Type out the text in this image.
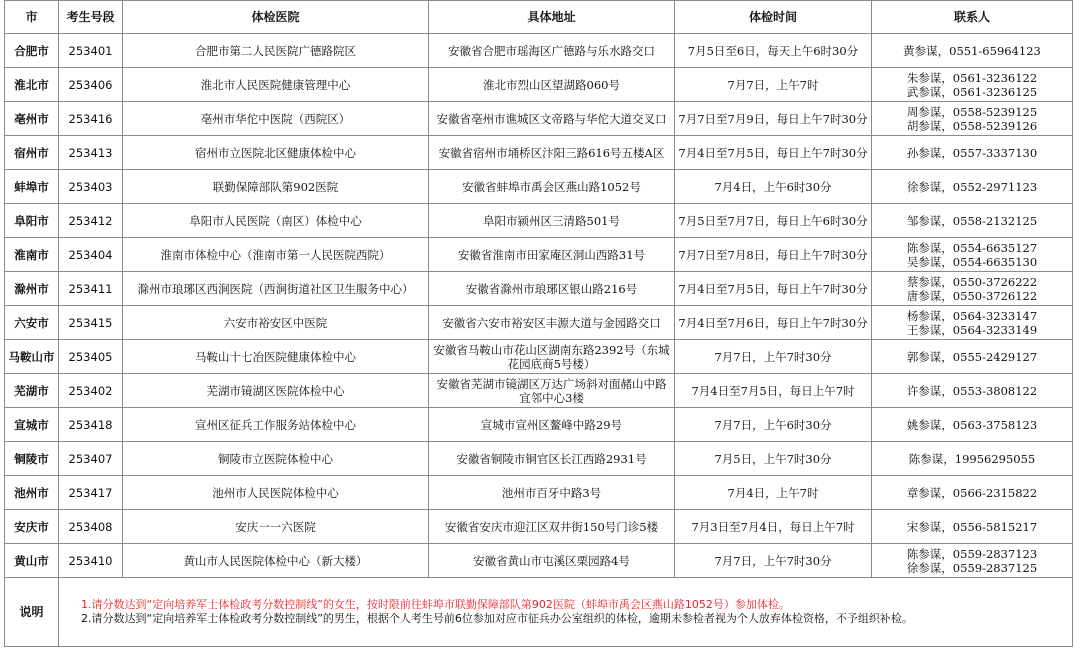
市	考生号段	体检医院	具体地址	体检时间	联系人
合肥市	253401	合肥市第二人民医院广德路院区	安徽省合肥市瑶海区广德路与乐水路交口	7月5日至6日，每天上午6时30分	黄参谋，0551-65964123

淮北市	253406	淮北市人民医院健康管理中心	淮北市烈山区望湖路060号	7月7日，上午7时	朱参谋，0561-3236122
武参谋，0561-3236125

亳州市	253416	亳州市华佗中医院（西院区）	安徽省亳州市谯城区文帝路与华佗大道交叉口	7月7日至7月9日，每日上午7时30分	周参谋，0558-5239125
胡参谋，0558-5239126

宿州市	253413	宿州市立医院北区健康体检中心	安徽省宿州市埇桥区汴阳三路616号五楼A区	7月4日至7月5日，每日上午7时30分	孙参谋，0557-3337130

蚌埠市	253403	联勤保障部队第902医院	安徽省蚌埠市禹会区燕山路1052号	7月4日，上午6时30分	徐参谋，0552-2971123

阜阳市	253412	阜阳市人民医院（南区）体检中心	阜阳市颍州区三清路501号	7月5日至7月7日，每日上午6时30分	邹参谋，0558-2132125

淮南市	253404	淮南市体检中心（淮南市第一人民医院西院）	安徽省淮南市田家庵区洞山西路31号	7月7日至7月8日，每日上午7时30分	陈参谋，0554-6635127
吴参谋，0554-6635130

滁州市	253411	滁州市琅琊区西涧医院（西涧街道社区卫生服务中心）	安徽省滁州市琅琊区银山路216号	7月4日至7月5日，每日上午7时30分	蔡参谋，0550-3726222
唐参谋，0550-3726122

六安市	253415	六安市裕安区中医院	安徽省六安市裕安区丰源大道与金园路交口	7月4日至7月6日，每日上午7时30分	杨参谋，0564-3233147
王参谋，0564-3233149

马鞍山市	253405	马鞍山十七冶医院健康体检中心	安徽省马鞍山市花山区湖南东路2392号（东城花园底商5号楼）	7月7日，上午7时30分	郭参谋，0555-2429127

芜湖市	253402	芜湖市镜湖区医院体检中心	安徽省芜湖市镜湖区万达广场斜对面赭山中路宜邻中心3楼	7月4日至7月5日，每日上午7时	许参谋，0553-3808122

宣城市	253418	宣州区征兵工作服务站体检中心	宣城市宣州区鳌峰中路29号	7月7日，上午6时30分	姚参谋，0563-3758123

铜陵市	253407	铜陵市立医院体检中心	安徽省铜陵市铜官区长江西路2931号	7月5日，上午7时30分	陈参谋，19956295055

池州市	253417	池州市人民医院体检中心	池州市百牙中路3号	7月4日，上午7时	章参谋，0566-2315822

安庆市	253408	安庆一一六医院	安徽省安庆市迎江区双井街150号门诊5楼	7月3日至7月4日，每日上午7时	宋参谋，0556-5815217

黄山市	253410	黄山市人民医院体检中心（新大楼）	安徽省黄山市屯溪区栗园路4号	7月7日，上午7时30分	陈参谋，0559-2837123
徐参谋，0559-2837125

说明	1.请分数达到“定向培养军士体检政考分数控制线”的女生，按时限前往蚌埠市联勤保障部队第902医院（蚌埠市禹会区燕山路1052号）参加体检。
2.请分数达到“定向培养军士体检政考分数控制线”的男生，根据个人考生号前6位参加对应市征兵办公室组织的体检，逾期未参检者视为个人放弃体检资格，不予组织补检。				
